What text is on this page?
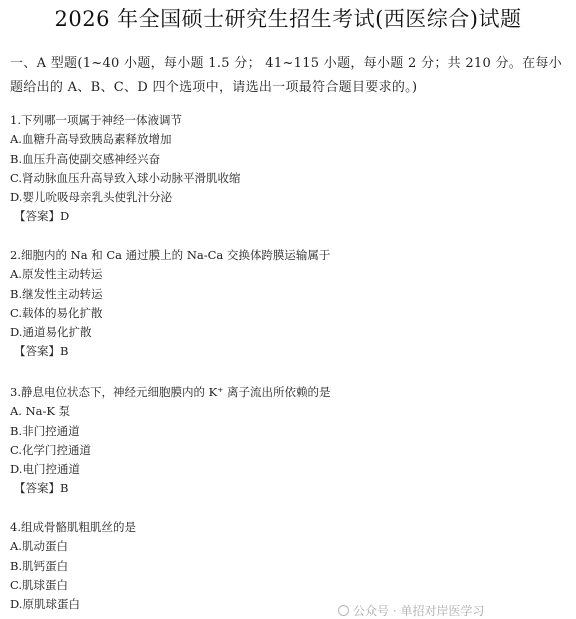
2026 年全国硕士研究生招生考试(西医综合)试题
一、A 型题(1~40 小题，每小题 1.5 分； 41~115 小题，每小题 2 分；共 210 分。在每小题给出的 A、B、C、D 四个选项中，请选出一项最符合题目要求的。)
1.下列哪一项属于神经一体液调节
A.血糖升高导致胰岛素释放增加
B.血压升高使副交感神经兴奋
C.肾动脉血压升高导致入球小动脉平滑肌收缩
D.婴儿吮吸母亲乳头使乳汁分泌
【答案】D
2.细胞内的 Na 和 Ca 通过膜上的 Na-Ca 交换体跨膜运输属于
A.原发性主动转运
B.继发性主动转运
C.载体的易化扩散
D.通道易化扩散
【答案】B
3.静息电位状态下，神经元细胞膜内的 K⁺ 离子流出所依赖的是
A. Na-K 泵
B.非门控通道
C.化学门控通道
D.电门控通道
【答案】B
4.组成骨骼肌粗肌丝的是
A.肌动蛋白
B.肌钙蛋白
C.肌球蛋白
D.原肌球蛋白	公众号 · 单招对岸医学习
